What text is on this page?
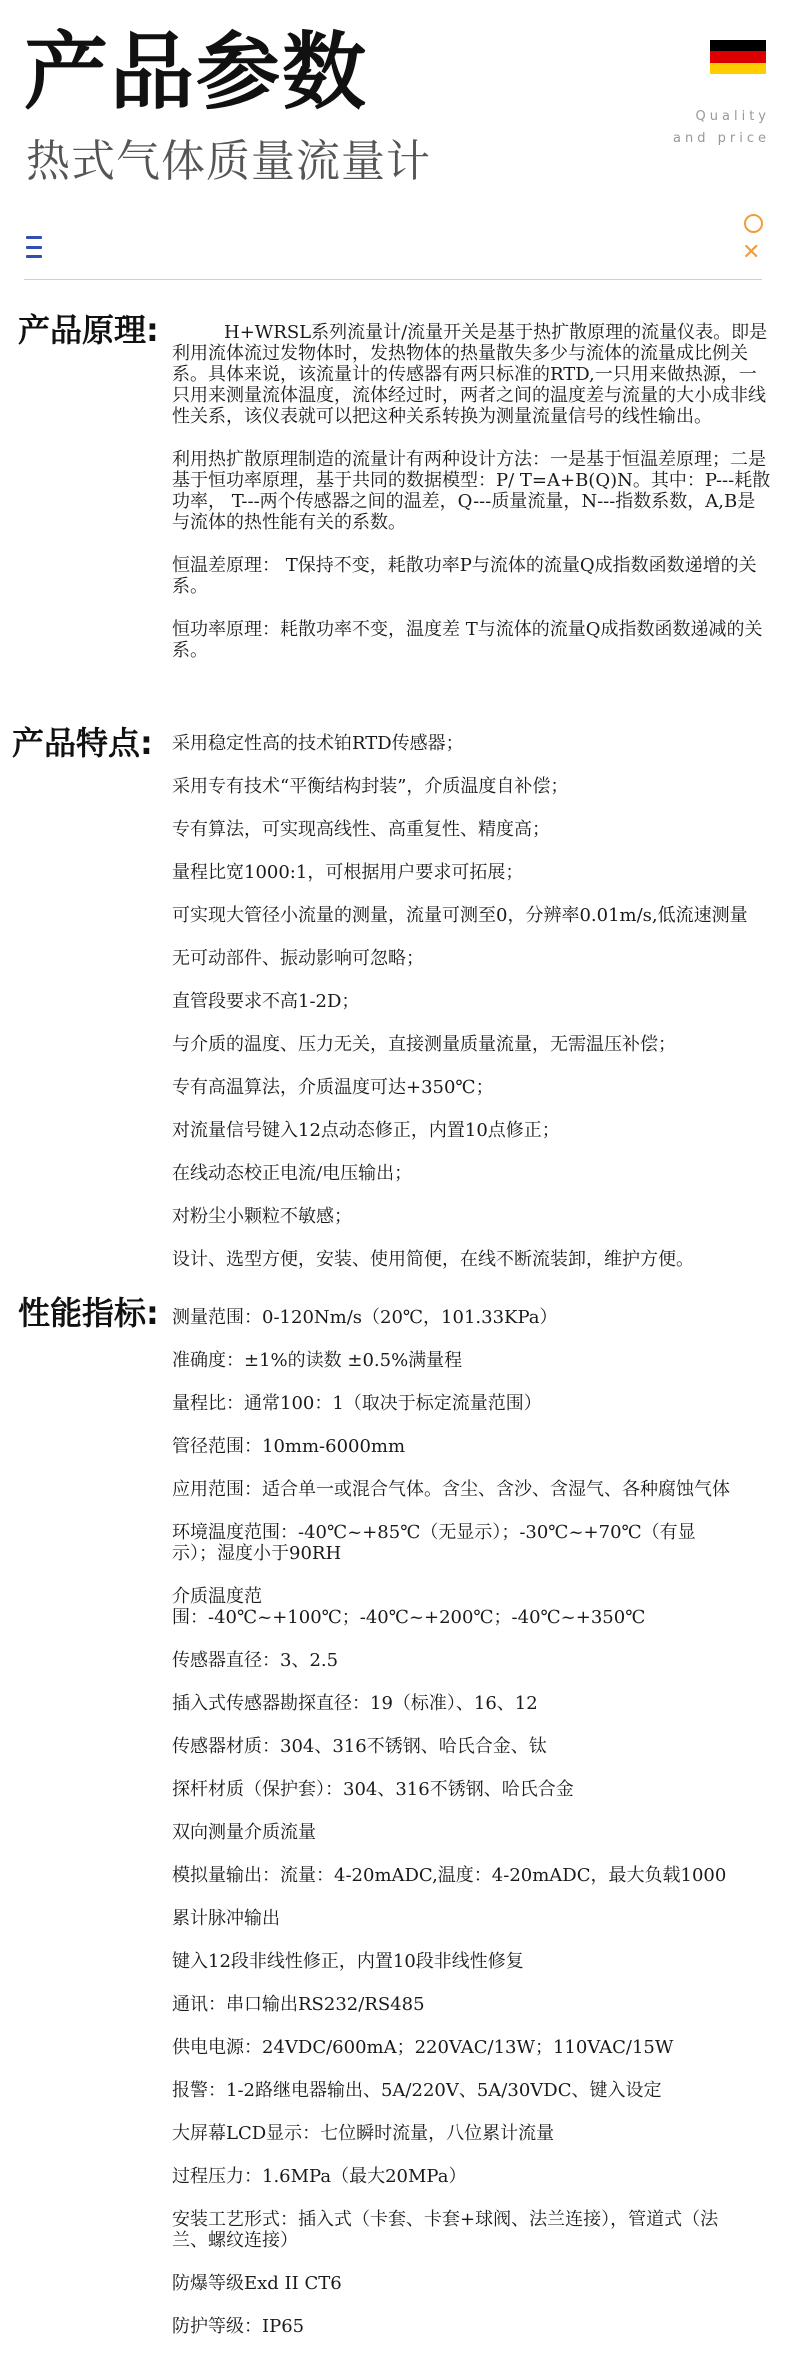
产品参数
热式气体质量流量计
Quality
and price
✕
产品原理:	H+WRSL系列流量计/流量开关是基于热扩散原理的流量仪表。即是利用流体流过发物体时，发热物体的热量散失多少与流体的流量成比例关系。具体来说，该流量计的传感器有两只标准的RTD,一只用来做热源，一只用来测量流体温度，流体经过时，两者之间的温度差与流量的大小成非线性关系，该仪表就可以把这种关系转换为测量流量信号的线性输出。

利用热扩散原理制造的流量计有两种设计方法：一是基于恒温差原理；二是基于恒功率原理，基于共同的数据模型：P/ T=A+B(Q)N。其中：P---耗散功率， T---两个传感器之间的温差，Q---质量流量，N---指数系数，A,B是与流体的热性能有关的系数。

恒温差原理： T保持不变，耗散功率P与流体的流量Q成指数函数递增的关系。

恒功率原理：耗散功率不变，温度差 T与流体的流量Q成指数函数递减的关系。

产品特点: 采用稳定性高的技术铂RTD传感器；

采用专有技术“平衡结构封装”，介质温度自补偿；

专有算法，可实现高线性、高重复性、精度高；

量程比宽1000:1，可根据用户要求可拓展；

可实现大管径小流量的测量，流量可测至0，分辨率0.01m/s,低流速测量

无可动部件、振动影响可忽略；

直管段要求不高1-2D；

与介质的温度、压力无关，直接测量质量流量，无需温压补偿；

专有高温算法，介质温度可达+350℃；

对流量信号键入12点动态修正，内置10点修正；

在线动态校正电流/电压输出；

对粉尘小颗粒不敏感；

设计、选型方便，安装、使用简便，在线不断流装卸，维护方便。

性能指标: 测量范围：0-120Nm/s（20℃，101.33KPa）

准确度：±1%的读数 ±0.5%满量程

量程比：通常100：1（取决于标定流量范围）

管径范围：10mm-6000mm

应用范围：适合单一或混合气体。含尘、含沙、含湿气、各种腐蚀气体

环境温度范围：-40℃~+85℃（无显示）；-30℃~+70℃（有显示）；湿度小于90RH

介质温度范围：-40℃~+100℃；-40℃~+200℃；-40℃~+350℃

传感器直径：3、2.5

插入式传感器勘探直径：19（标准）、16、12

传感器材质：304、316不锈钢、哈氏合金、钛

探杆材质（保护套）：304、316不锈钢、哈氏合金

双向测量介质流量

模拟量输出：流量：4-20mADC,温度：4-20mADC，最大负载1000

累计脉冲输出

键入12段非线性修正，内置10段非线性修复

通讯：串口输出RS232/RS485

供电电源：24VDC/600mA；220VAC/13W；110VAC/15W

报警：1-2路继电器输出、5A/220V、5A/30VDC、键入设定

大屏幕LCD显示：七位瞬时流量，八位累计流量

过程压力：1.6MPa（最大20MPa）

安装工艺形式：插入式（卡套、卡套+球阀、法兰连接），管道式（法兰、螺纹连接）

防爆等级Exd II CT6

防护等级：IP65
